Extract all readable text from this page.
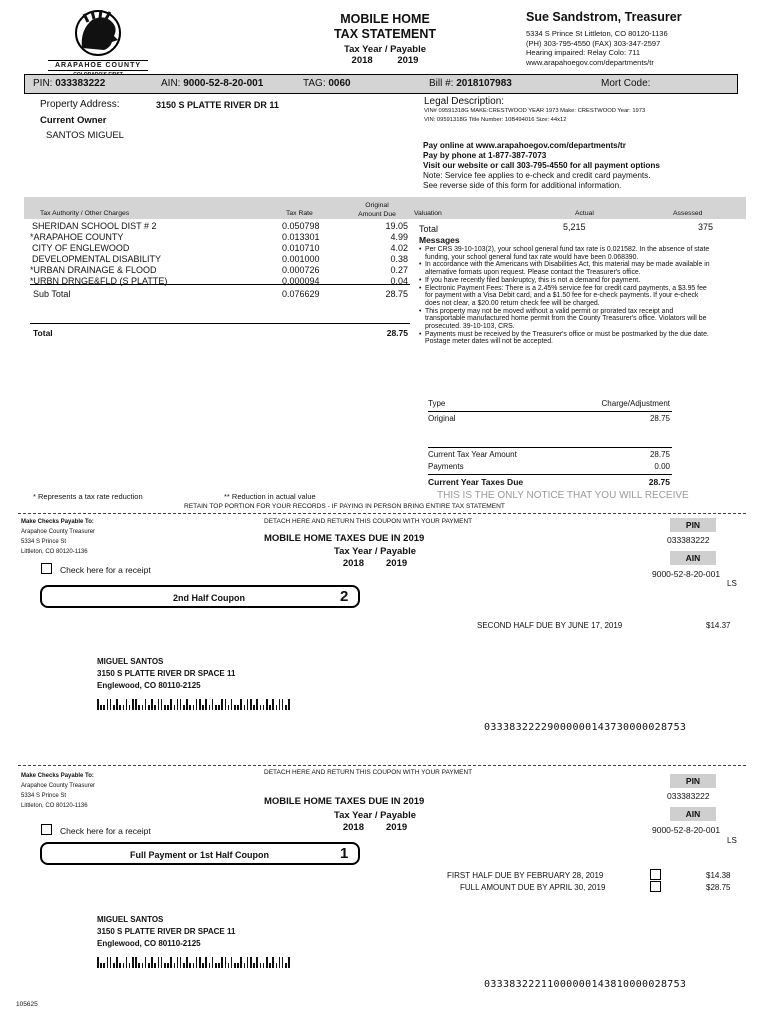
ARAPAHOE COUNTY
MOBILE HOME
TAX STATEMENT
Tax Year / Payable
2018	2019
Sue Sandstrom, Treasurer
5334 S Prince St Littleton, CO 80120-1136
(PH) 303-795-4550 (FAX) 303-347-2597
Hearing impaired: Relay Colo: 711
www.arapahoegov.com/departments/tr
PIN: 033383222	AIN: 9000-52-8-20-001	TAG: 0060	Bill #: 2018107983	Mort Code:
Property Address:	3150 S PLATTE RIVER DR 11
Current Owner
SANTOS MIGUEL
Legal Description:
VIN# 09591318G MAKE:CRESTWOOD YEAR 1973 Make: CRESTWOOD Year: 1973
VIN: 09591318G Title Number: 10B494016 Size: 44x12
Pay online at www.arapahoegov.com/departments/tr
Pay by phone at 1-877-387-7073
Visit our website or call 303-795-4550 for all payment options
Note: Service fee applies to e-check and credit card payments.
See reverse side of this form for additional information.
Tax Authority / Other Charges	Tax Rate
Original
Amount Due	Valuation	Actual	Assessed
SHERIDAN SCHOOL DIST # 2	0.050798	19.05
*ARAPAHOE COUNTY	0.013301	4.99
CITY OF ENGLEWOOD	0.010710	4.02
DEVELOPMENTAL DISABILITY	0.001000	0.38
*URBAN DRAINAGE & FLOOD	0.000726	0.27
*URBN DRNGE&FLD (S PLATTE)	0.000094	0.04
Sub Total	0.076629	28.75
Total	28.75
Total	5,215	375
Messages
• Per CRS 39-10-103(2), your school general fund tax rate is 0.021582. In the absence of state funding, your school general fund tax rate would have been 0.068390.
• In accordance with the Americans with Disabilities Act, this material may be made available in alternative formats upon request. Please contact the Treasurer's office.
• If you have recently filed bankruptcy, this is not a demand for payment.
• Electronic Payment Fees: There is a 2.45% service fee for credit card payments, a $3.95 fee for payment with a Visa Debit card, and a $1.50 fee for e-check payments. If your e-check does not clear, a $20.00 return check fee will be charged.
• This property may not be moved without a valid permit or prorated tax receipt and transportable manufactured home permit from the County Treasurer's office. Violators will be prosecuted. 39-10-103, CRS.
• Payments must be received by the Treasurer's office or must be postmarked by the due date. Postage meter dates will not be accepted.
Type	Charge/Adjustment
Original	28.75
Current Tax Year Amount	28.75
Payments	0.00
Current Year Taxes Due	28.75
* Represents a tax rate reduction	** Reduction in actual value	THIS IS THE ONLY NOTICE THAT YOU WILL RECEIVE
RETAIN TOP PORTION FOR YOUR RECORDS - IF PAYING IN PERSON BRING ENTIRE TAX STATEMENT
Make Checks Payable To:
Arapahoe County Treasurer
5334 S Prince St
Littleton, CO 80120-1136
DETACH HERE AND RETURN THIS COUPON WITH YOUR PAYMENT
MOBILE HOME TAXES DUE IN 2019
Tax Year / Payable
2018 2019
PIN
033383222
AIN
9000-52-8-20-001
LS
Check here for a receipt
2nd Half Coupon	2
SECOND HALF DUE BY JUNE 17, 2019	$14.37
MIGUEL SANTOS
3150 S PLATTE RIVER DR SPACE 11
Englewood, CO 80110-2125
03338322229000000143730000028753
Make Checks Payable To:
Arapahoe County Treasurer
5334 S Prince St
Littleton, CO 80120-1136
DETACH HERE AND RETURN THIS COUPON WITH YOUR PAYMENT
MOBILE HOME TAXES DUE IN 2019
Tax Year / Payable
2018 2019
PIN
033383222
AIN
9000-52-8-20-001
LS
Check here for a receipt
Full Payment or 1st Half Coupon	1
FIRST HALF DUE BY FEBRUARY 28, 2019	$14.38
FULL AMOUNT DUE BY APRIL 30, 2019	$28.75
MIGUEL SANTOS
3150 S PLATTE RIVER DR SPACE 11
Englewood, CO 80110-2125
03338322211000000143810000028753
105625
